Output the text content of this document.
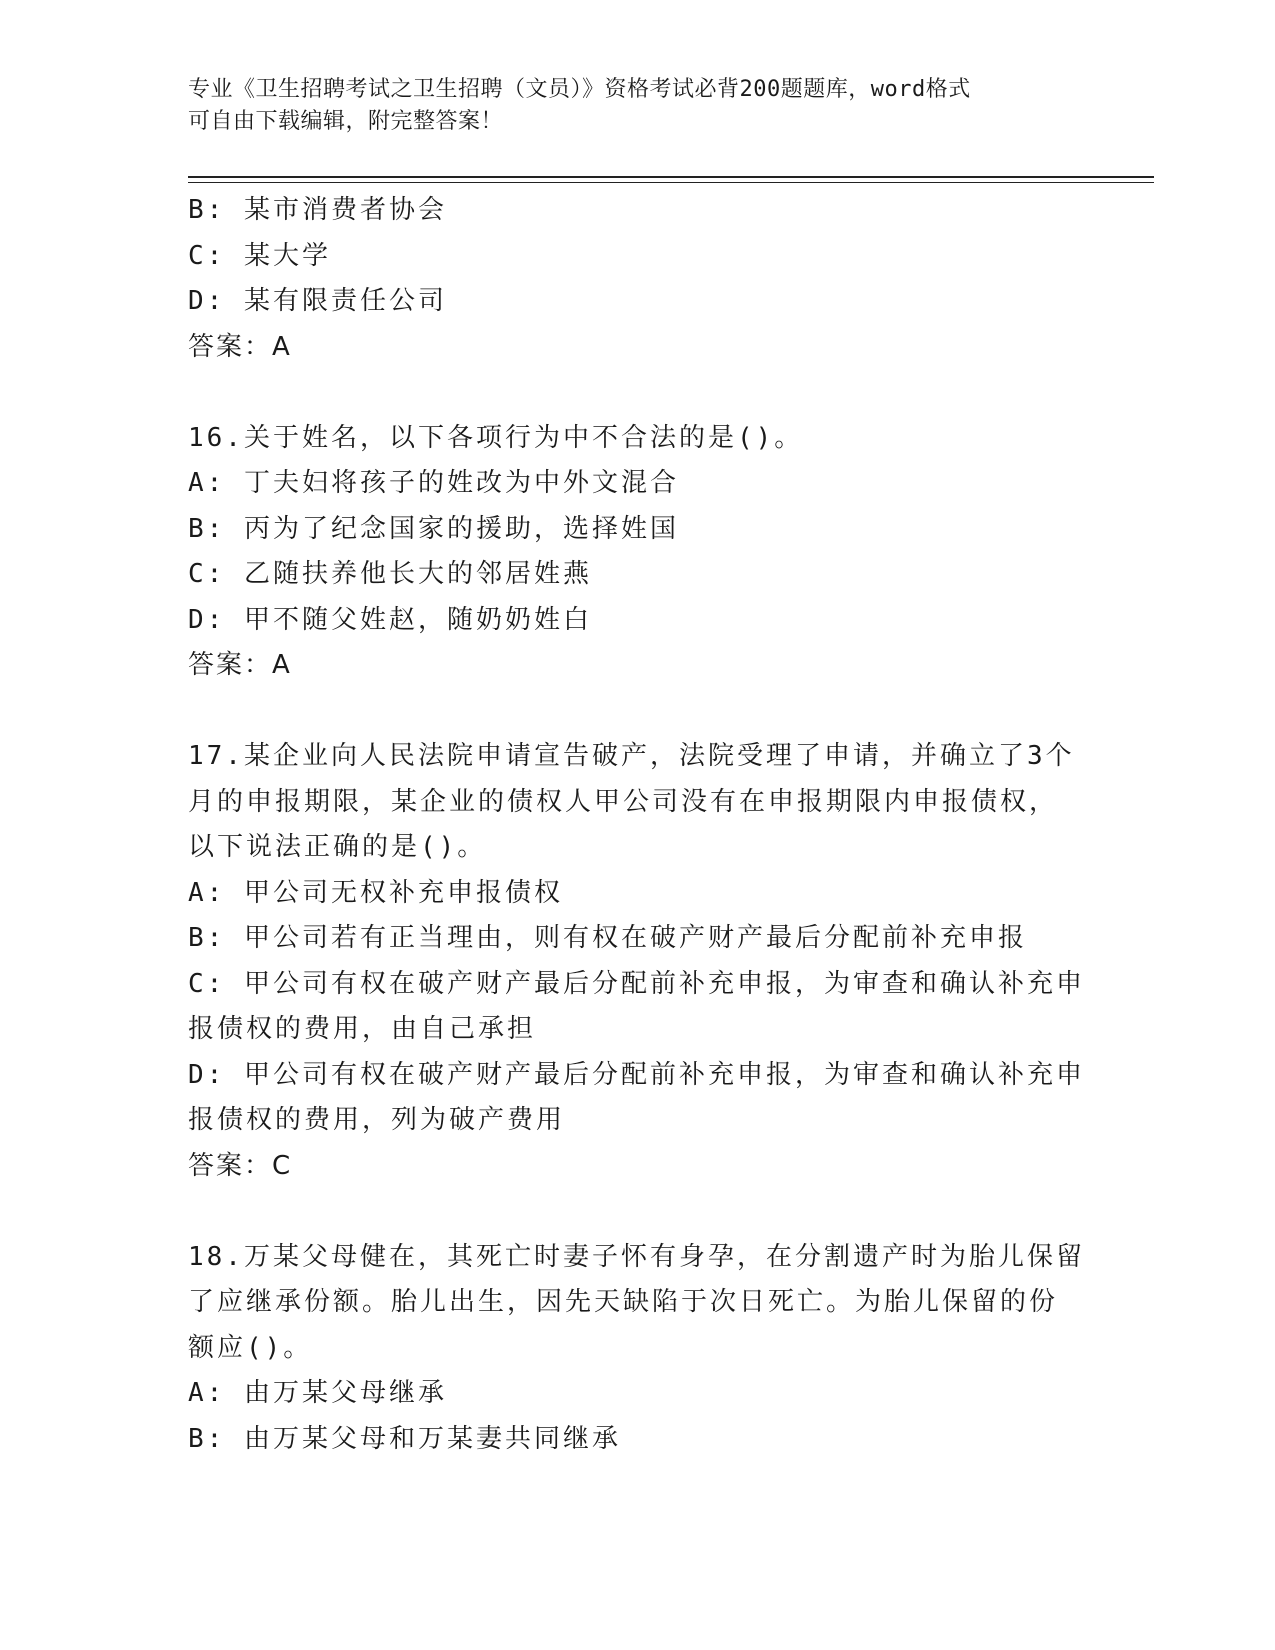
专业《卫生招聘考试之卫生招聘（文员）》资格考试必背200题题库，word格式
可自由下载编辑，附完整答案！
B: 某市消费者协会
C: 某大学
D: 某有限责任公司
答案：A
16.关于姓名，以下各项行为中不合法的是()。
A: 丁夫妇将孩子的姓改为中外文混合
B: 丙为了纪念国家的援助，选择姓国
C: 乙随扶养他长大的邻居姓燕
D: 甲不随父姓赵，随奶奶姓白
答案：A
17.某企业向人民法院申请宣告破产，法院受理了申请，并确立了3个
月的申报期限，某企业的债权人甲公司没有在申报期限内申报债权，
以下说法正确的是()。
A: 甲公司无权补充申报债权
B: 甲公司若有正当理由，则有权在破产财产最后分配前补充申报
C: 甲公司有权在破产财产最后分配前补充申报，为审查和确认补充申
报债权的费用，由自己承担
D: 甲公司有权在破产财产最后分配前补充申报，为审查和确认补充申
报债权的费用，列为破产费用
答案：C
18.万某父母健在，其死亡时妻子怀有身孕，在分割遗产时为胎儿保留
了应继承份额。胎儿出生，因先天缺陷于次日死亡。为胎儿保留的份
额应()。
A: 由万某父母继承
B: 由万某父母和万某妻共同继承
